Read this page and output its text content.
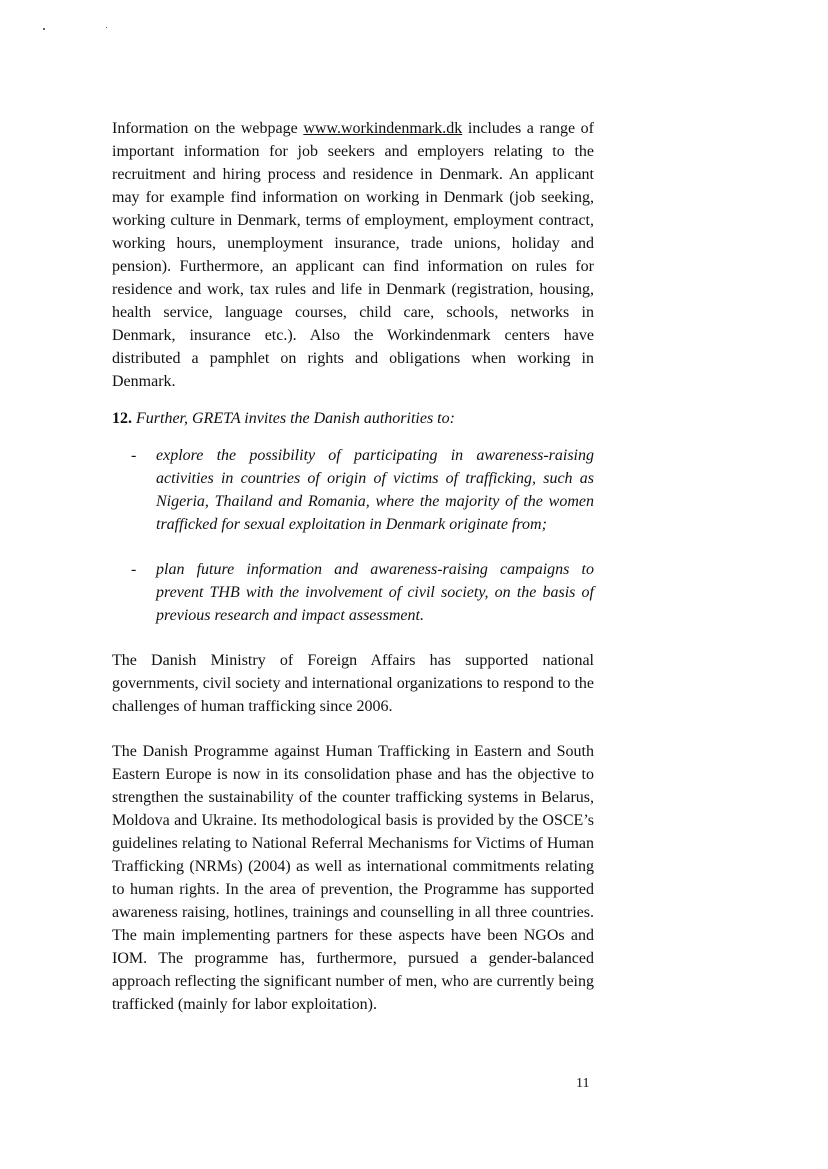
Information on the webpage www.workindenmark.dk includes a range of important information for job seekers and employers relating to the recruitment and hiring process and residence in Denmark. An applicant may for example find information on working in Denmark (job seeking, working culture in Denmark, terms of employment, employment contract, working hours, unemployment insurance, trade unions, holiday and pension). Furthermore, an applicant can find information on rules for residence and work, tax rules and life in Denmark (registration, housing, health service, language courses, child care, schools, networks in Denmark, insurance etc.). Also the Workindenmark centers have distributed a pamphlet on rights and obligations when working in Denmark.

12. Further, GRETA invites the Danish authorities to:

- explore the possibility of participating in awareness-raising activities in countries of origin of victims of trafficking, such as Nigeria, Thailand and Romania, where the majority of the women trafficked for sexual exploitation in Denmark originate from;
- plan future information and awareness-raising campaigns to prevent THB with the involvement of civil society, on the basis of previous research and impact assessment.

The Danish Ministry of Foreign Affairs has supported national governments, civil society and international organizations to respond to the challenges of human trafficking since 2006.

The Danish Programme against Human Trafficking in Eastern and South Eastern Europe is now in its consolidation phase and has the objective to strengthen the sustainability of the counter trafficking systems in Belarus, Moldova and Ukraine. Its methodological basis is provided by the OSCE’s guidelines relating to National Referral Mechanisms for Victims of Human Trafficking (NRMs) (2004) as well as international commitments relating to human rights. In the area of prevention, the Programme has supported awareness raising, hotlines, trainings and counselling in all three countries. The main implementing partners for these aspects have been NGOs and IOM. The programme has, furthermore, pursued a gender-balanced approach reflecting the significant number of men, who are currently being trafficked (mainly for labor exploitation).

11
